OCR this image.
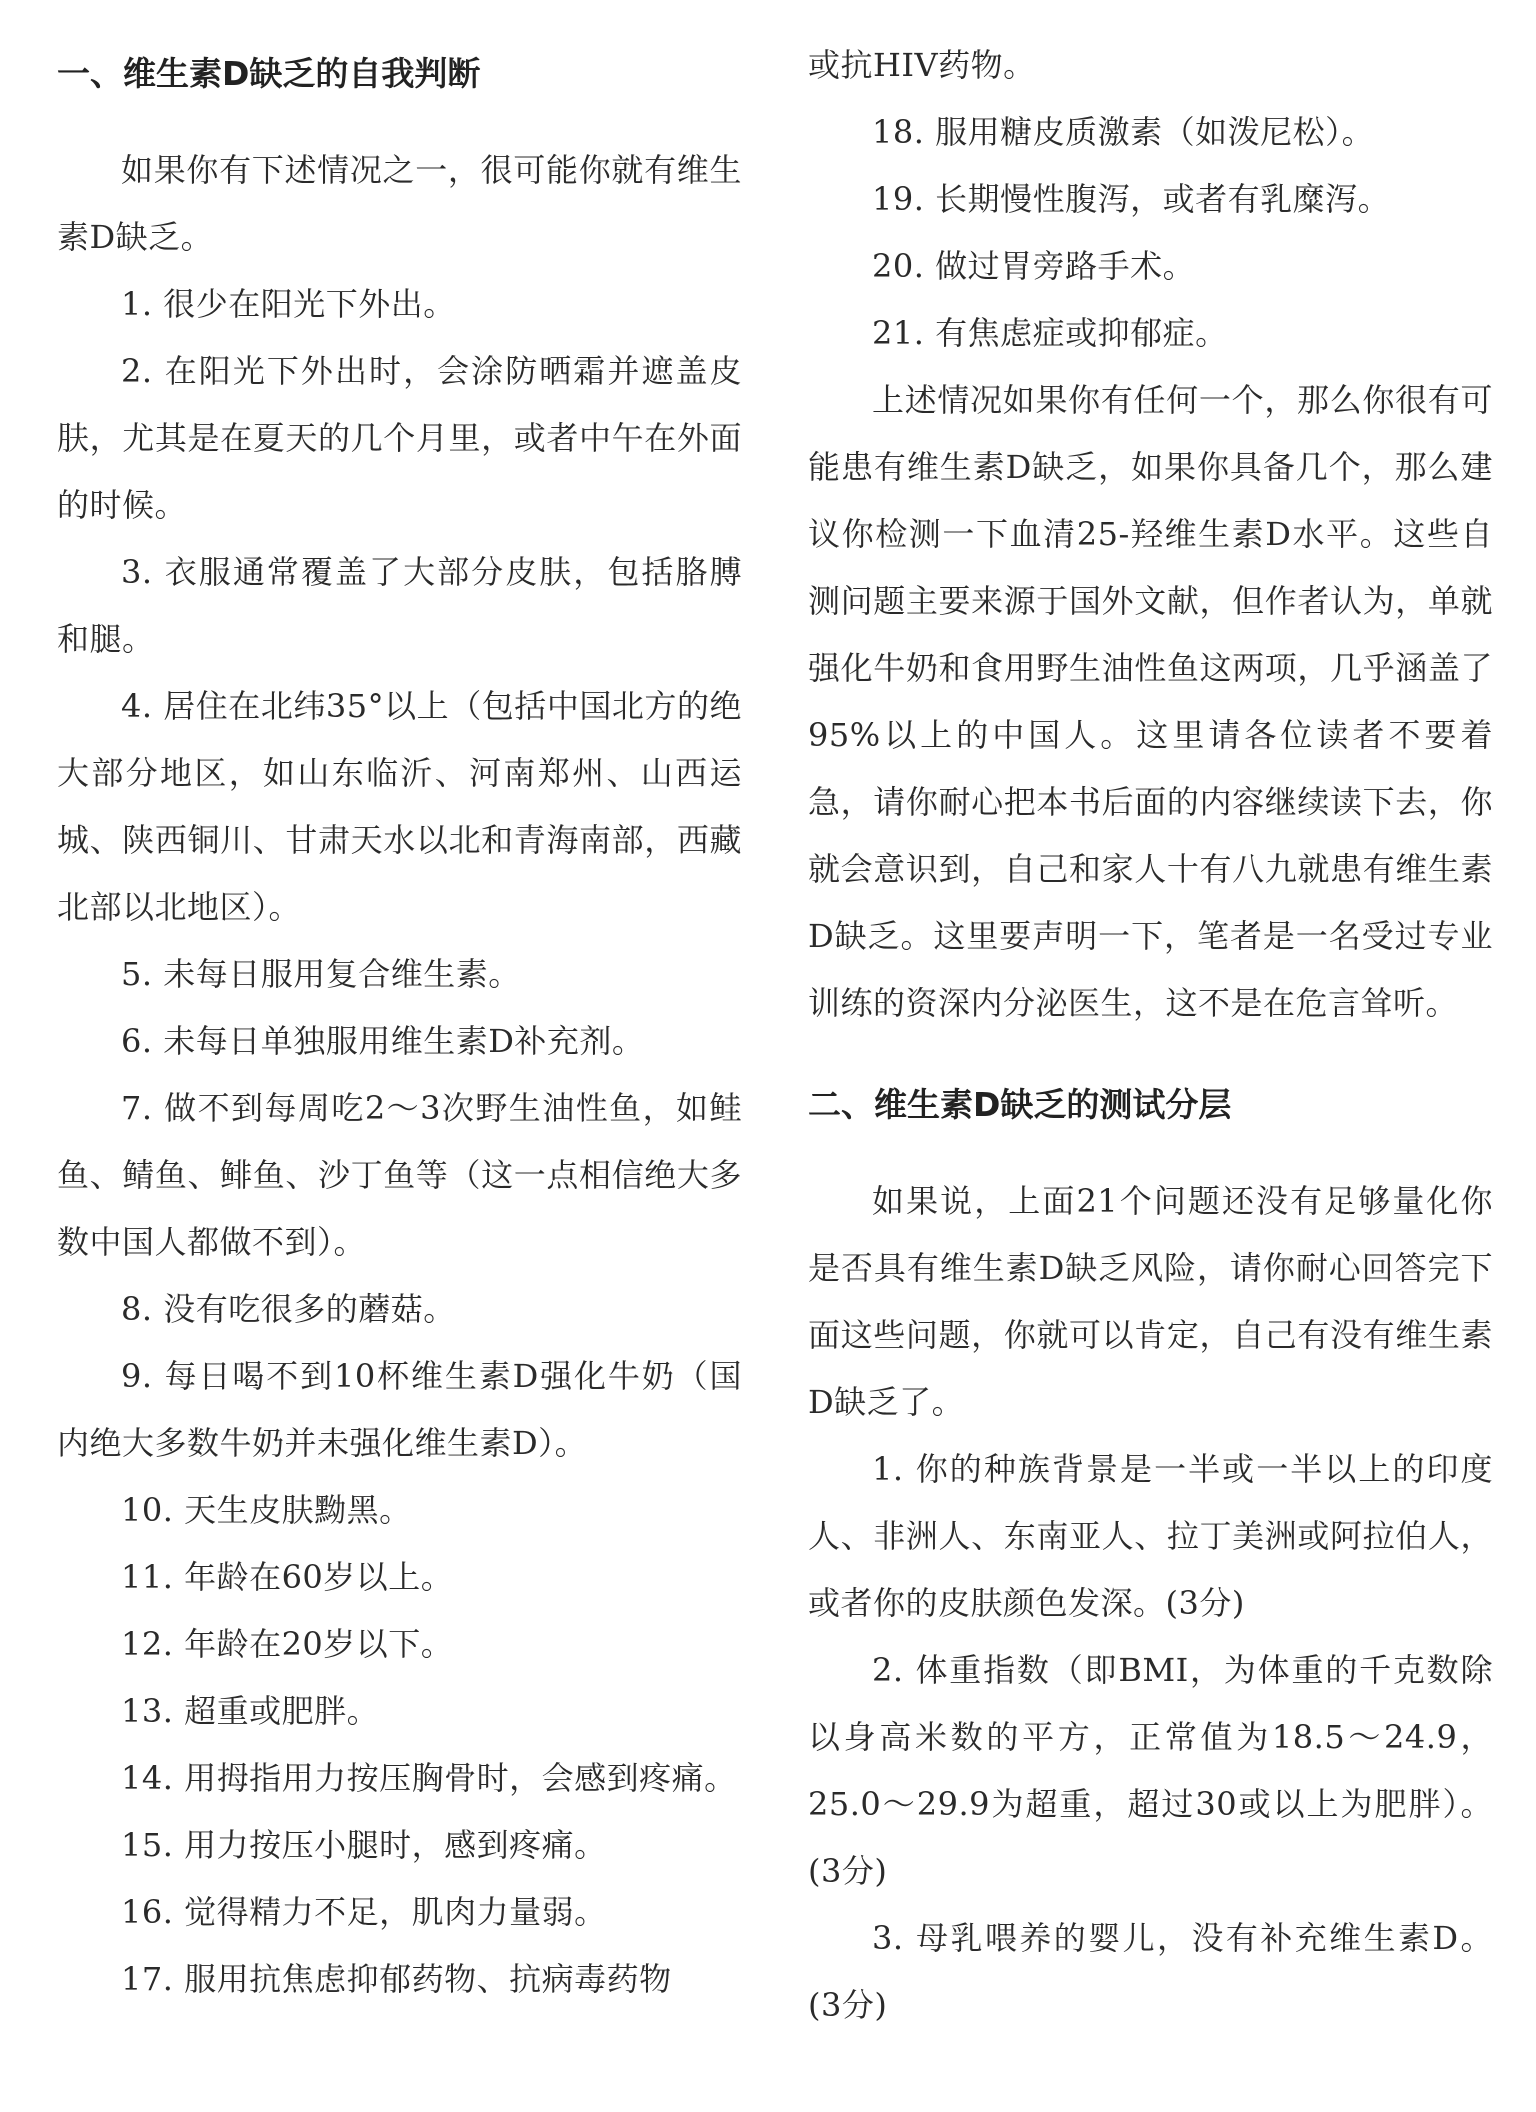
一、维生素D缺乏的自我判断

如果你有下述情况之一，很可能你就有维生素D缺乏。

1. 很少在阳光下外出。

2. 在阳光下外出时，会涂防晒霜并遮盖皮肤，尤其是在夏天的几个月里，或者中午在外面的时候。

3. 衣服通常覆盖了大部分皮肤，包括胳膊和腿。

4. 居住在北纬35°以上（包括中国北方的绝大部分地区，如山东临沂、河南郑州、山西运城、陕西铜川、甘肃天水以北和青海南部，西藏北部以北地区）。

5. 未每日服用复合维生素。

6. 未每日单独服用维生素D补充剂。

7. 做不到每周吃2～3次野生油性鱼，如鲑鱼、鲭鱼、鲱鱼、沙丁鱼等（这一点相信绝大多数中国人都做不到）。

8. 没有吃很多的蘑菇。

9. 每日喝不到10杯维生素D强化牛奶（国内绝大多数牛奶并未强化维生素D）。

10. 天生皮肤黝黑。

11. 年龄在60岁以上。

12. 年龄在20岁以下。

13. 超重或肥胖。

14. 用拇指用力按压胸骨时，会感到疼痛。

15. 用力按压小腿时，感到疼痛。

16. 觉得精力不足，肌肉力量弱。

17. 服用抗焦虑抑郁药物、抗病毒药物

或抗HIV药物。

18. 服用糖皮质激素（如泼尼松）。

19. 长期慢性腹泻，或者有乳糜泻。

20. 做过胃旁路手术。

21. 有焦虑症或抑郁症。

上述情况如果你有任何一个，那么你很有可能患有维生素D缺乏，如果你具备几个，那么建议你检测一下血清25-羟维生素D水平。这些自测问题主要来源于国外文献，但作者认为，单就强化牛奶和食用野生油性鱼这两项，几乎涵盖了95%以上的中国人。这里请各位读者不要着急，请你耐心把本书后面的内容继续读下去，你就会意识到，自己和家人十有八九就患有维生素D缺乏。这里要声明一下，笔者是一名受过专业训练的资深内分泌医生，这不是在危言耸听。

二、维生素D缺乏的测试分层

如果说，上面21个问题还没有足够量化你是否具有维生素D缺乏风险，请你耐心回答完下面这些问题，你就可以肯定，自己有没有维生素D缺乏了。

1. 你的种族背景是一半或一半以上的印度人、非洲人、东南亚人、拉丁美洲或阿拉伯人，或者你的皮肤颜色发深。(3分)

2. 体重指数（即BMI，为体重的千克数除以身高米数的平方，正常值为18.5～24.9，25.0～29.9为超重，超过30或以上为肥胖）。(3分)

3. 母乳喂养的婴儿，没有补充维生素D。(3分)
